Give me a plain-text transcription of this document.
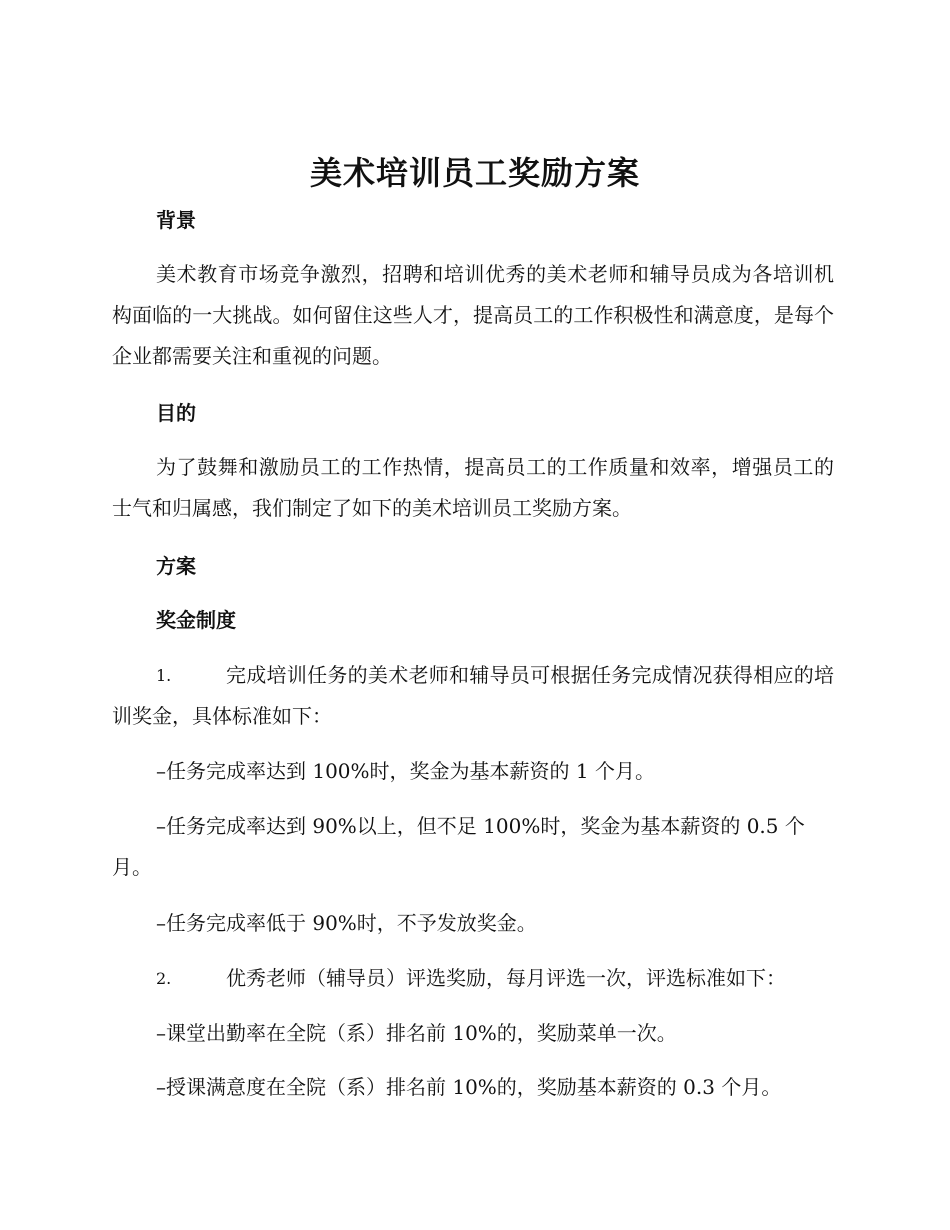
美术培训员工奖励方案
背景
美术教育市场竞争激烈，招聘和培训优秀的美术老师和辅导员成为各培训机构面临的一大挑战。如何留住这些人才，提高员工的工作积极性和满意度，是每个企业都需要关注和重视的问题。
目的
为了鼓舞和激励员工的工作热情，提高员工的工作质量和效率，增强员工的士气和归属感，我们制定了如下的美术培训员工奖励方案。
方案
奖金制度
1.	完成培训任务的美术老师和辅导员可根据任务完成情况获得相应的培训奖金，具体标准如下：
–任务完成率达到 100%时，奖金为基本薪资的 1 个月。
–任务完成率达到 90%以上，但不足 100%时，奖金为基本薪资的 0.5 个月。
–任务完成率低于 90%时，不予发放奖金。
2.	优秀老师（辅导员）评选奖励，每月评选一次，评选标准如下：
–课堂出勤率在全院（系）排名前 10%的，奖励菜单一次。
–授课满意度在全院（系）排名前 10%的，奖励基本薪资的 0.3 个月。
